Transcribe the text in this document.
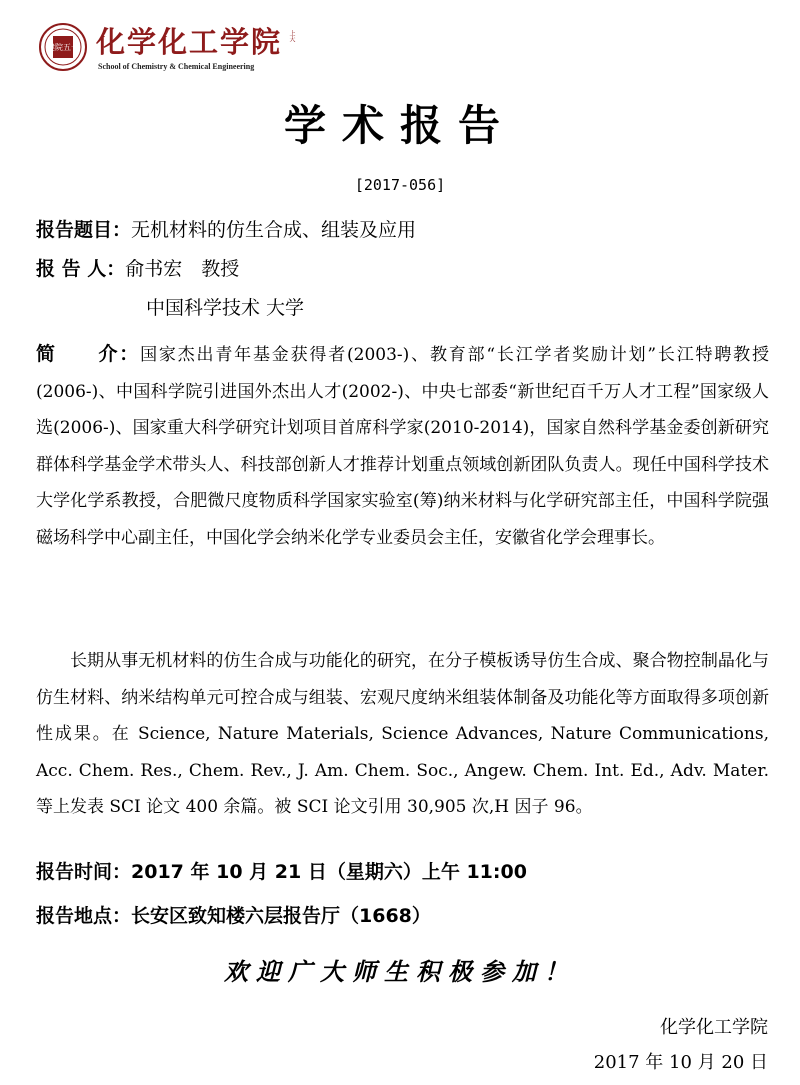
建院五十 化学化工学院 上大
School of Chemistry & Chemical Engineering
学术报告
[2017-056]
报告题目：无机材料的仿生合成、组装及应用
报 告 人：俞书宏　教授
中国科学技术 大学
简　　介：国家杰出青年基金获得者(2003-)、教育部“长江学者奖励计划”长江特聘教授(2006-)、中国科学院引进国外杰出人才(2002-)、中央七部委“新世纪百千万人才工程”国家级人选(2006-)、国家重大科学研究计划项目首席科学家(2010-2014)，国家自然科学基金委创新研究群体科学基金学术带头人、科技部创新人才推荐计划重点领域创新团队负责人。现任中国科学技术大学化学系教授，合肥微尺度物质科学国家实验室(筹)纳米材料与化学研究部主任，中国科学院强磁场科学中心副主任，中国化学会纳米化学专业委员会主任，安徽省化学会理事长。
长期从事无机材料的仿生合成与功能化的研究，在分子模板诱导仿生合成、聚合物控制晶化与仿生材料、纳米结构单元可控合成与组装、宏观尺度纳米组装体制备及功能化等方面取得多项创新性成果。在 Science, Nature Materials, Science Advances, Nature Communications, Acc. Chem. Res., Chem. Rev., J. Am. Chem. Soc., Angew. Chem. Int. Ed., Adv. Mater.等上发表 SCI 论文 400 余篇。被 SCI 论文引用 30,905 次,H 因子 96。
报告时间：2017 年 10 月 21 日（星期六）上午 11:00
报告地点：长安区致知楼六层报告厅（1668）
欢迎广大师生积极参加！
化学化工学院
2017 年 10 月 20 日
